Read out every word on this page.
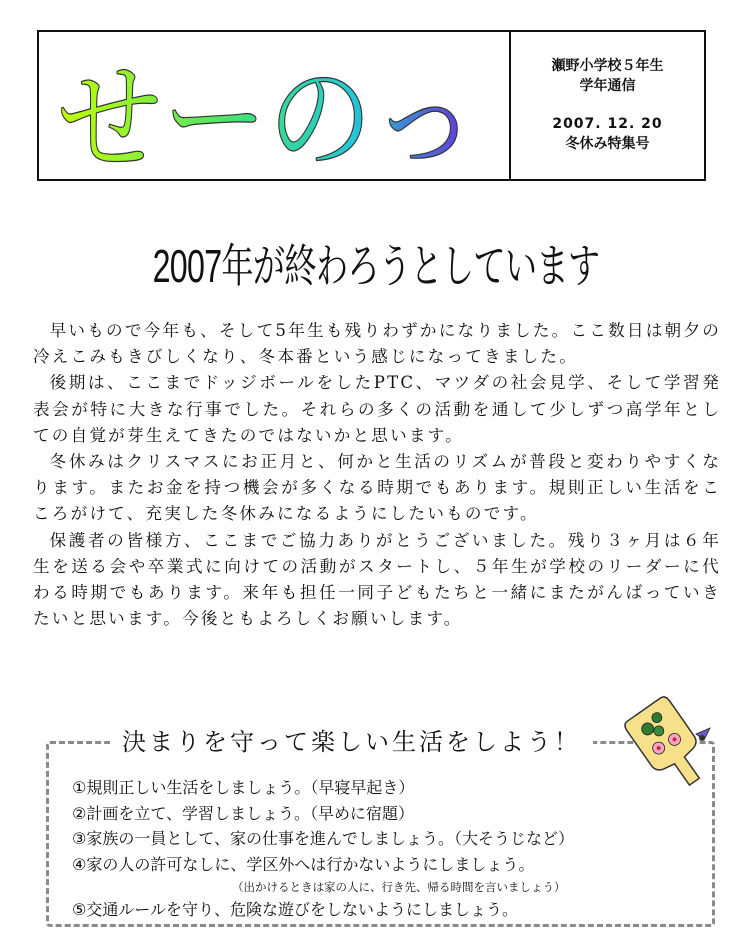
せーのっ	瀬野小学校５年生
学年通信
2007. 12. 20
冬休み特集号
2007年が終わろうとしています

早いもので今年も、そして5年生も残りわずかになりました。ここ数日は朝夕の冷えこみもきびしくなり、冬本番という感じになってきました。

後期は、ここまでドッジボールをしたPTC、マツダの社会見学、そして学習発表会が特に大きな行事でした。それらの多くの活動を通して少しずつ高学年としての自覚が芽生えてきたのではないかと思います。

冬休みはクリスマスにお正月と、何かと生活のリズムが普段と変わりやすくなります。またお金を持つ機会が多くなる時期でもあります。規則正しい生活をこころがけて、充実した冬休みになるようにしたいものです。

保護者の皆様方、ここまでご協力ありがとうございました。残り３ヶ月は６年生を送る会や卒業式に向けての活動がスタートし、５年生が学校のリーダーに代わる時期でもあります。来年も担任一同子どもたちと一緒にまたがんばっていきたいと思います。今後ともよろしくお願いします。

決まりを守って楽しい生活をしよう！
①規則正しい生活をしましょう。（早寝早起き）
②計画を立て、学習しましょう。（早めに宿題）
③家族の一員として、家の仕事を進んでしましょう。（大そうじなど）
④家の人の許可なしに、学区外へは行かないようにしましょう。
（出かけるときは家の人に、行き先、帰る時間を言いましょう）
⑤交通ルールを守り、危険な遊びをしないようにしましょう。
